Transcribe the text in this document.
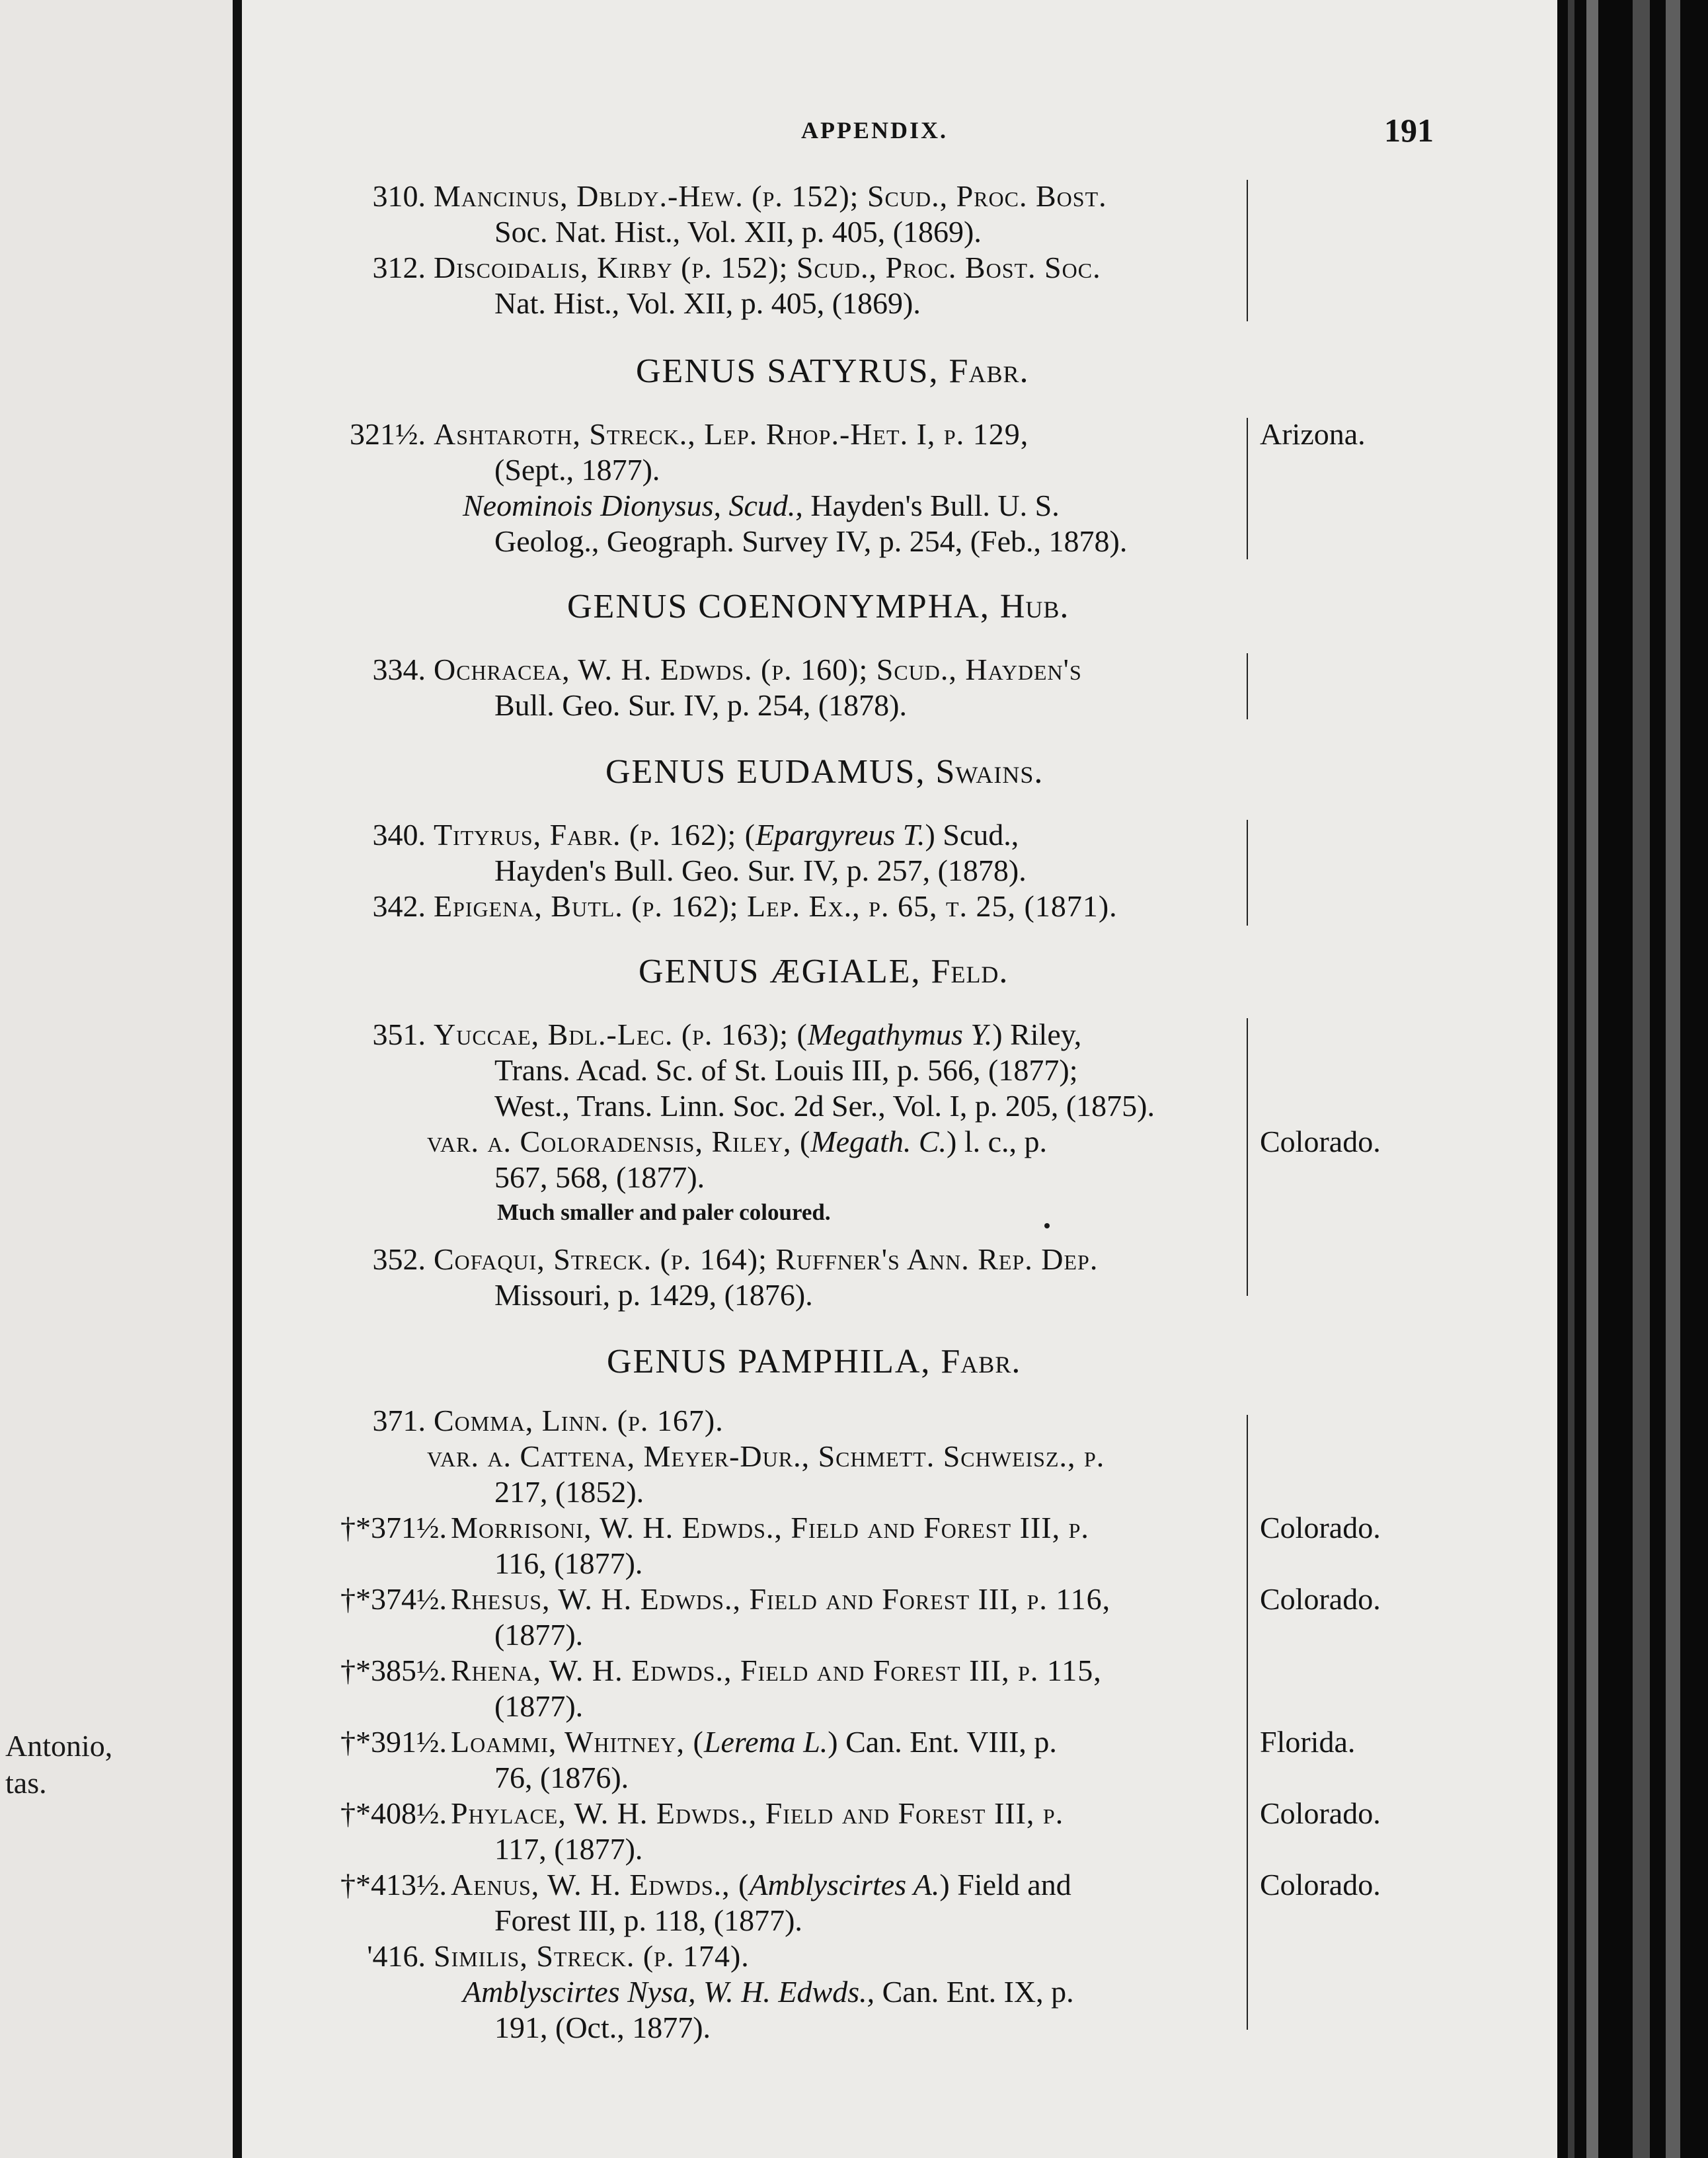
Antonio,
tas.
APPENDIX.	191
310. Mancinus, Dbldy.-Hew. (p. 152); Scud., Proc. Bost.
Soc. Nat. Hist., Vol. XII, p. 405, (1869).
312. Discoidalis, Kirby (p. 152); Scud., Proc. Bost. Soc.
Nat. Hist., Vol. XII, p. 405, (1869).
GENUS SATYRUS, Fabr.
321½. Ashtaroth, Streck., Lep. Rhop.-Het. I, p. 129,	Arizona.
(Sept., 1877).
Neominois Dionysus, Scud., Hayden's Bull. U. S.
Geolog., Geograph. Survey IV, p. 254, (Feb., 1878).
GENUS COENONYMPHA, Hub.
334. Ochracea, W. H. Edwds. (p. 160); Scud., Hayden's
Bull. Geo. Sur. IV, p. 254, (1878).
GENUS EUDAMUS, Swains.
340. Tityrus, Fabr. (p. 162); (Epargyreus T.) Scud.,
Hayden's Bull. Geo. Sur. IV, p. 257, (1878).
342. Epigena, Butl. (p. 162); Lep. Ex., p. 65, t. 25, (1871).
GENUS ÆGIALE, Feld.
351. Yuccae, Bdl.-Lec. (p. 163); (Megathymus Y.) Riley,
Trans. Acad. Sc. of St. Louis III, p. 566, (1877);
West., Trans. Linn. Soc. 2d Ser., Vol. I, p. 205, (1875).
var. a. Coloradensis, Riley, (Megath. C.) l. c., p.	Colorado.
567, 568, (1877).
Much smaller and paler coloured.
352. Cofaqui, Streck. (p. 164); Ruffner's Ann. Rep. Dep.
Missouri, p. 1429, (1876).
GENUS PAMPHILA, Fabr.
371. Comma, Linn. (p. 167).
var. a. Cattena, Meyer-Dur., Schmett. Schweisz., p.
217, (1852).
†*371½. Morrisoni, W. H. Edwds., Field and Forest III, p.	Colorado.
116, (1877).
†*374½. Rhesus, W. H. Edwds., Field and Forest III, p. 116,	Colorado.
(1877).
†*385½. Rhena, W. H. Edwds., Field and Forest III, p. 115,
(1877).
†*391½. Loammi, Whitney, (Lerema L.) Can. Ent. VIII, p.	Florida.
76, (1876).
†*408½. Phylace, W. H. Edwds., Field and Forest III, p.	Colorado.
117, (1877).
†*413½. Aenus, W. H. Edwds., (Amblyscirtes A.) Field and	Colorado.
Forest III, p. 118, (1877).
'416. Similis, Streck. (p. 174).
Amblyscirtes Nysa, W. H. Edwds., Can. Ent. IX, p.
191, (Oct., 1877).
